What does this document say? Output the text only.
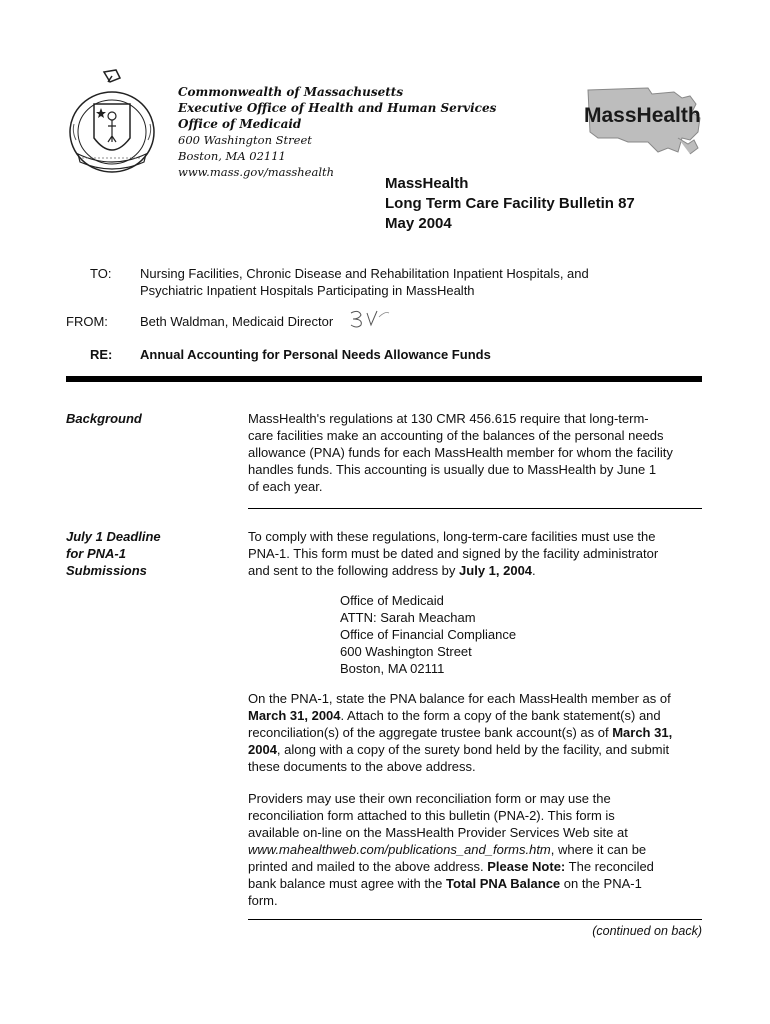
Commonwealth of Massachusetts
Executive Office of Health and Human Services
Office of Medicaid
600 Washington Street
Boston, MA 02111
www.mass.gov/masshealth
MassHealth
MassHealth
Long Term Care Facility Bulletin 87
May 2004
TO: Nursing Facilities, Chronic Disease and Rehabilitation Inpatient Hospitals, and
Psychiatric Inpatient Hospitals Participating in MassHealth
FROM: Beth Waldman, Medicaid Director
RE: Annual Accounting for Personal Needs Allowance Funds
Background	MassHealth's regulations at 130 CMR 456.615 require that long-term-
care facilities make an accounting of the balances of the personal needs
allowance (PNA) funds for each MassHealth member for whom the facility
handles funds. This accounting is usually due to MassHealth by June 1
of each year.
July 1 Deadline
for PNA-1
Submissions
To comply with these regulations, long-term-care facilities must use the
PNA-1. This form must be dated and signed by the facility administrator
and sent to the following address by July 1, 2004.
Office of Medicaid
ATTN: Sarah Meacham
Office of Financial Compliance
600 Washington Street
Boston, MA 02111
On the PNA-1, state the PNA balance for each MassHealth member as of
March 31, 2004. Attach to the form a copy of the bank statement(s) and
reconciliation(s) of the aggregate trustee bank account(s) as of March 31,
2004, along with a copy of the surety bond held by the facility, and submit
these documents to the above address.
Providers may use their own reconciliation form or may use the
reconciliation form attached to this bulletin (PNA-2). This form is
available on-line on the MassHealth Provider Services Web site at
www.mahealthweb.com/publications_and_forms.htm, where it can be
printed and mailed to the above address. Please Note: The reconciled
bank balance must agree with the Total PNA Balance on the PNA-1
form.
(continued on back)
